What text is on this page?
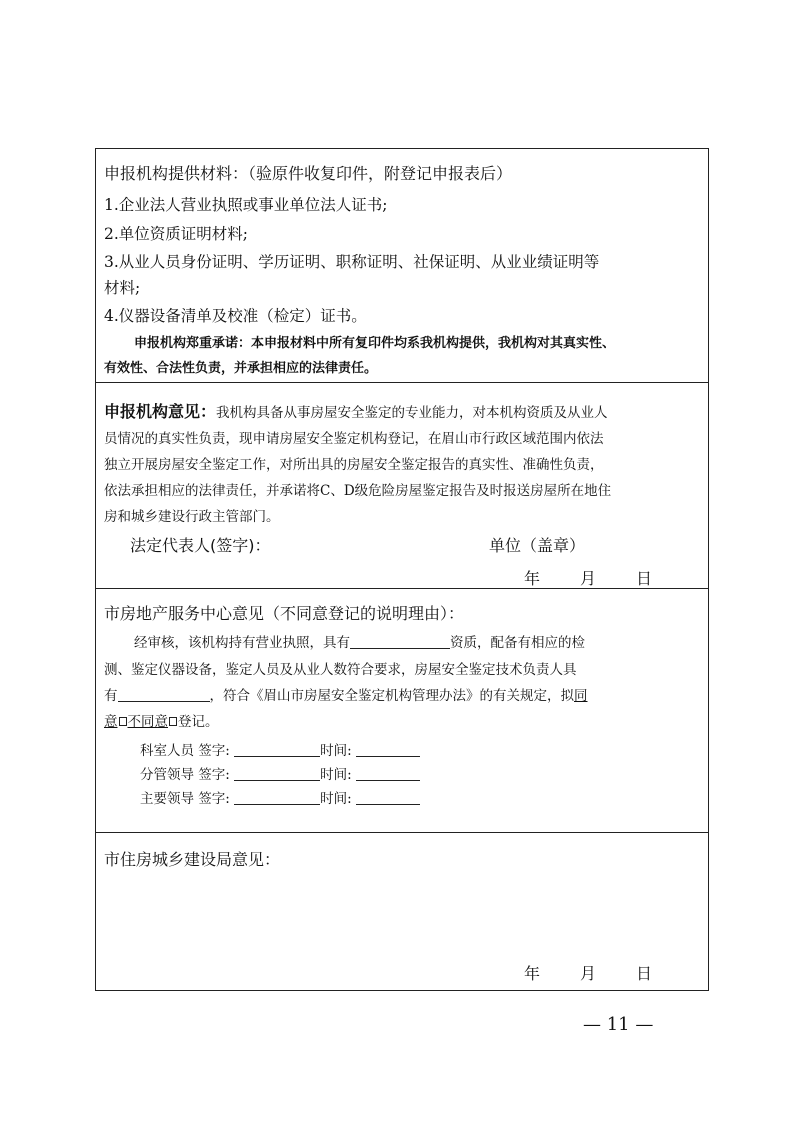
申报机构提供材料：（验原件收复印件，附登记申报表后）
1.企业法人营业执照或事业单位法人证书;
2.单位资质证明材料;
3.从业人员身份证明、学历证明、职称证明、社保证明、从业业绩证明等
材料;
4.仪器设备清单及校准（检定）证书。
申报机构郑重承诺：本申报材料中所有复印件均系我机构提供，我机构对其真实性、
有效性、合法性负责，并承担相应的法律责任。
申报机构意见：我机构具备从事房屋安全鉴定的专业能力，对本机构资质及从业人
员情况的真实性负责，现申请房屋安全鉴定机构登记，在眉山市行政区域范围内依法
独立开展房屋安全鉴定工作，对所出具的房屋安全鉴定报告的真实性、准确性负责，
依法承担相应的法律责任，并承诺将C、D级危险房屋鉴定报告及时报送房屋所在地住
房和城乡建设行政主管部门。
法定代表人(签字)：	单位（盖章）
年 月 日
市房地产服务中心意见（不同意登记的说明理由）：
经审核，该机构持有营业执照，具有	资质，配备有相应的检
测、鉴定仪器设备，鉴定人员及从业人数符合要求，房屋安全鉴定技术负责人具
有	，符合《眉山市房屋安全鉴定机构管理办法》的有关规定，拟同
意 不同意 登记。
科室人员 签字:	时间:
分管领导 签字:	时间:
主要领导 签字:	时间:
市住房城乡建设局意见：
年 月 日
— 11 —
